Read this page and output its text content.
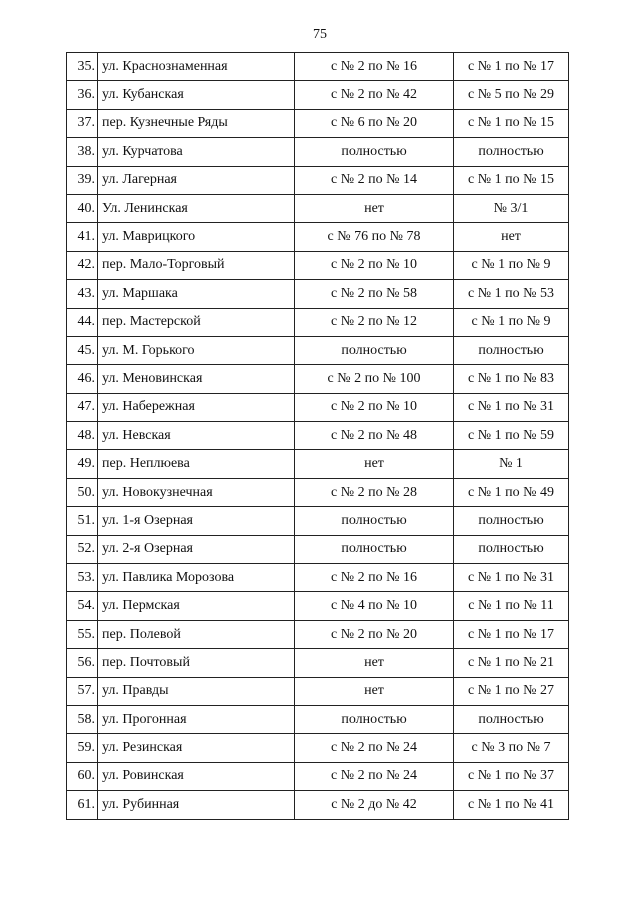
75
35.	ул. Краснознаменная	с № 2 по № 16	с № 1 по № 17
36.	ул. Кубанская	с № 2 по № 42	с № 5 по № 29
37.	пер. Кузнечные Ряды	с № 6 по № 20	с № 1 по № 15
38.	ул. Курчатова	полностью	полностью
39.	ул. Лагерная	с № 2 по № 14	с № 1 по № 15
40.	Ул. Ленинская	нет	№ 3/1
41.	ул. Маврицкого	с № 76 по № 78	нет
42.	пер. Мало-Торговый	с № 2 по № 10	с № 1 по № 9
43.	ул. Маршака	с № 2 по № 58	с № 1 по № 53
44.	пер. Мастерской	с № 2 по № 12	с № 1 по № 9
45.	ул. М. Горького	полностью	полностью
46.	ул. Меновинская	с № 2 по № 100	с № 1 по № 83
47.	ул. Набережная	с № 2 по № 10	с № 1 по № 31
48.	ул. Невская	с № 2 по № 48	с № 1 по № 59
49.	пер. Неплюева	нет	№ 1
50.	ул. Новокузнечная	с № 2 по № 28	с № 1 по № 49
51.	ул. 1-я Озерная	полностью	полностью
52.	ул. 2-я Озерная	полностью	полностью
53.	ул. Павлика Морозова	с № 2 по № 16	с № 1 по № 31
54.	ул. Пермская	с № 4 по № 10	с № 1 по № 11
55.	пер. Полевой	с № 2 по № 20	с № 1 по № 17
56.	пер. Почтовый	нет	с № 1 по № 21
57.	ул. Правды	нет	с № 1 по № 27
58.	ул. Прогонная	полностью	полностью
59.	ул. Резинская	с № 2 по № 24	с № 3 по № 7
60.	ул. Ровинская	с № 2 по № 24	с № 1 по № 37
61.	ул. Рубинная	с № 2 до № 42	с № 1 по № 41
